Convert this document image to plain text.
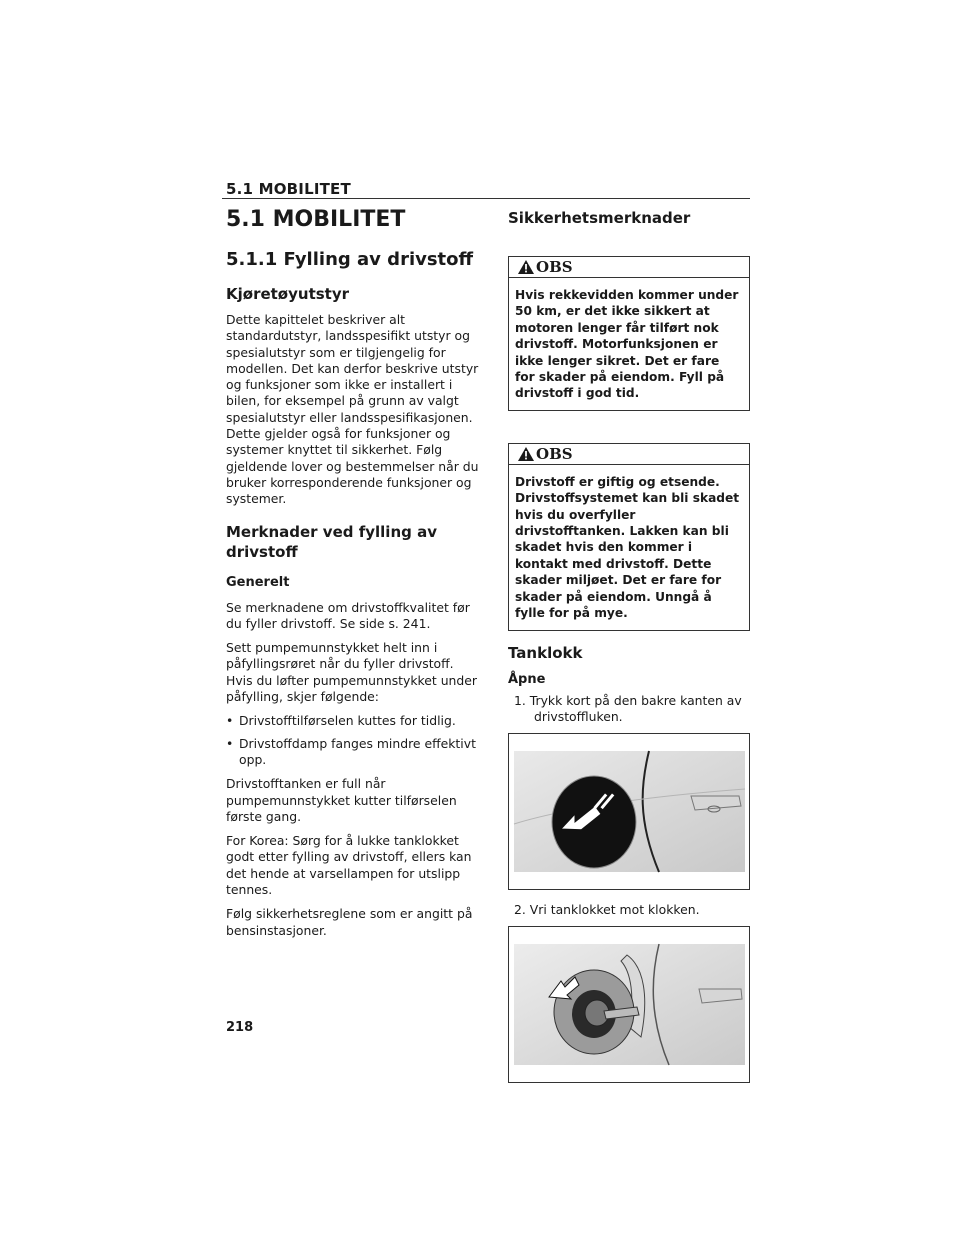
5.1 MOBILITET
5.1 MOBILITET
5.1.1 Fylling av drivstoff
Kjøretøyutstyr
Dette kapittelet beskriver alt standardutstyr, landsspesifikt utstyr og spesialutstyr som er tilgjengelig for modellen. Det kan derfor beskrive utstyr og funksjoner som ikke er installert i bilen, for eksempel på grunn av valgt spesialutstyr eller landsspesifikasjonen. Dette gjelder også for funksjoner og systemer knyttet til sikkerhet. Følg gjeldende lover og bestemmelser når du bruker korresponderende funksjoner og systemer.
Merknader ved fylling av drivstoff
Generelt
Se merknadene om drivstoffkvalitet før du fyller drivstoff. Se side s. 241.
Sett pumpemunnstykket helt inn i påfyllingsrøret når du fyller drivstoff. Hvis du løfter pumpemunnstykket under påfylling, skjer følgende:
• Drivstofftilførselen kuttes for tidlig.
• Drivstoffdamp fanges mindre effektivt opp.
Drivstofftanken er full når pumpemunnstykket kutter tilførselen første gang.
For Korea: Sørg for å lukke tanklokket godt etter fylling av drivstoff, ellers kan det hende at varsellampen for utslipp tennes.
Følg sikkerhetsreglene som er angitt på bensinstasjoner.
Sikkerhetsmerknader
OBS
Hvis rekkevidden kommer under 50 km, er det ikke sikkert at motoren lenger får tilført nok drivstoff. Motorfunksjonen er ikke lenger sikret. Det er fare for skader på eiendom. Fyll på drivstoff i god tid.
OBS
Drivstoff er giftig og etsende. Drivstoffsystemet kan bli skadet hvis du overfyller drivstofftanken. Lakken kan bli skadet hvis den kommer i kontakt med drivstoff. Dette skader miljøet. Det er fare for skader på eiendom. Unngå å fylle for på mye.
Tanklokk
Åpne
1. Trykk kort på den bakre kanten av drivstoffluken.
2. Vri tanklokket mot klokken.
218
